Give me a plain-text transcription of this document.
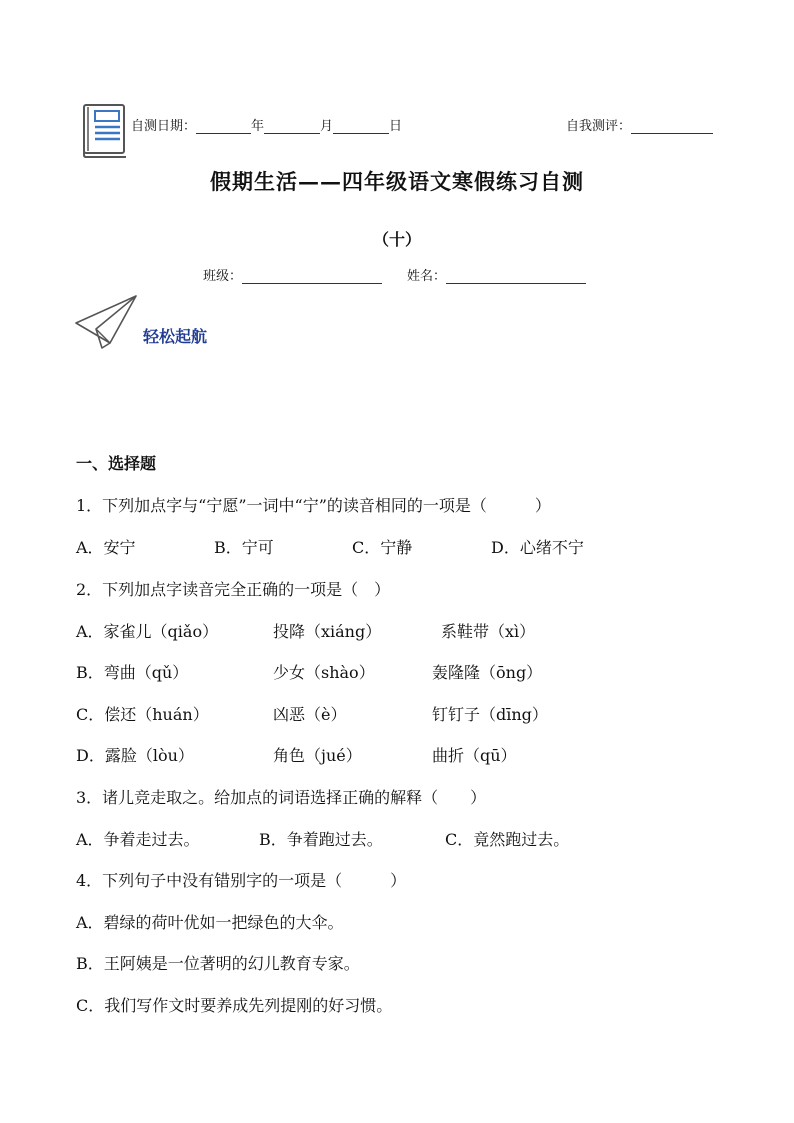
自测日期：	年	月	日	自我测评：
假期生活——四年级语文寒假练习自测
（十）
班级：	姓名：
轻松起航
一、选择题
1．下列加点字与“宁愿”一词中“宁”的读音相同的一项是（　　　）
A．安宁	B．宁可	C．宁静	D．心绪不宁
2．下列加点字读音完全正确的一项是（　）
A．家雀儿（qiǎo）	投降（xiáng）	系鞋带（xì）
B．弯曲（qǔ）	少女（shào）	轰隆隆（ōng）
C．偿还（huán）	凶恶（è）	钉钉子（dīng）
D．露脸（lòu）	角色（jué）	曲折（qū）
3．诸儿竞走取之。给加点的词语选择正确的解释（　　）
A．争着走过去。	B．争着跑过去。	C．竟然跑过去。
4．下列句子中没有错别字的一项是（　　　）
A．碧绿的荷叶优如一把绿色的大伞。
B．王阿姨是一位著明的幻儿教育专家。
C．我们写作文时要养成先列提刚的好习惯。
